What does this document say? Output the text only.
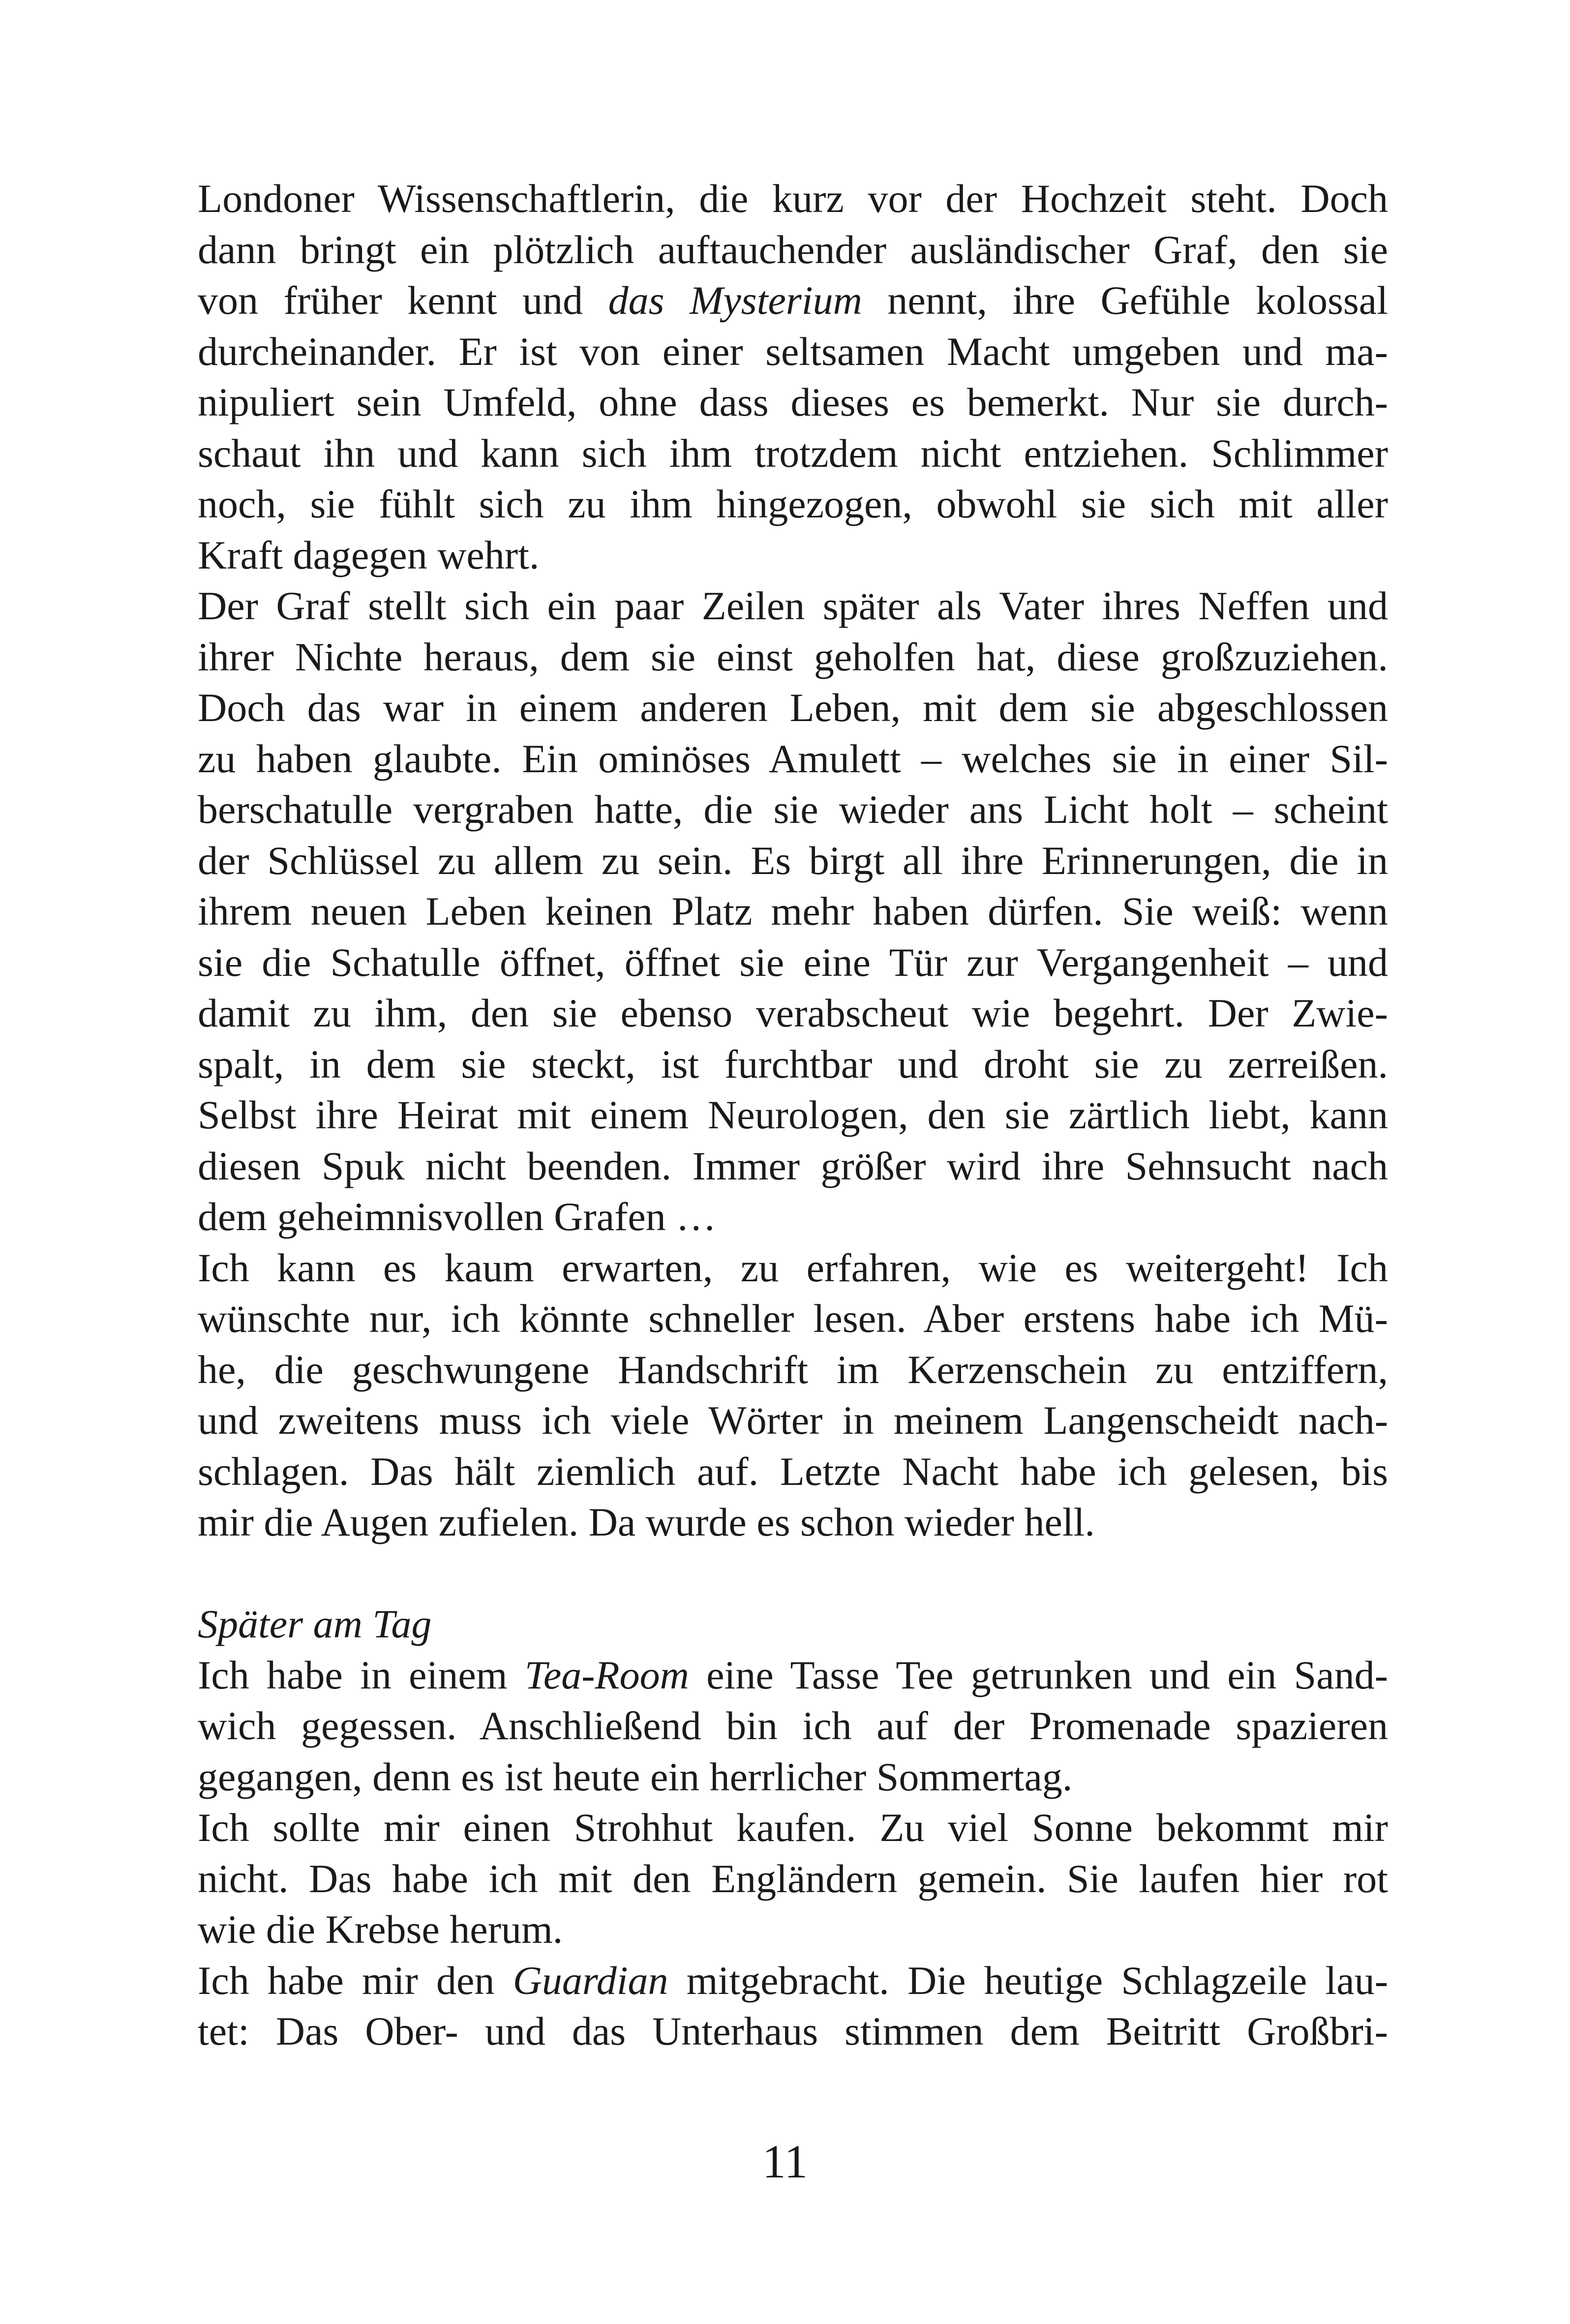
Londoner Wissenschaftlerin, die kurz vor der Hochzeit steht. Doch
dann bringt ein plötzlich auftauchender ausländischer Graf, den sie
von früher kennt und das Mysterium nennt, ihre Gefühle kolossal
durcheinander. Er ist von einer seltsamen Macht umgeben und ma-
nipuliert sein Umfeld, ohne dass dieses es bemerkt. Nur sie durch-
schaut ihn und kann sich ihm trotzdem nicht entziehen. Schlimmer
noch, sie fühlt sich zu ihm hingezogen, obwohl sie sich mit aller
Kraft dagegen wehrt.
Der Graf stellt sich ein paar Zeilen später als Vater ihres Neffen und
ihrer Nichte heraus, dem sie einst geholfen hat, diese großzuziehen.
Doch das war in einem anderen Leben, mit dem sie abgeschlossen
zu haben glaubte. Ein ominöses Amulett – welches sie in einer Sil-
berschatulle vergraben hatte, die sie wieder ans Licht holt – scheint
der Schlüssel zu allem zu sein. Es birgt all ihre Erinnerungen, die in
ihrem neuen Leben keinen Platz mehr haben dürfen. Sie weiß: wenn
sie die Schatulle öffnet, öffnet sie eine Tür zur Vergangenheit – und
damit zu ihm, den sie ebenso verabscheut wie begehrt. Der Zwie-
spalt, in dem sie steckt, ist furchtbar und droht sie zu zerreißen.
Selbst ihre Heirat mit einem Neurologen, den sie zärtlich liebt, kann
diesen Spuk nicht beenden. Immer größer wird ihre Sehnsucht nach
dem geheimnisvollen Grafen …
Ich kann es kaum erwarten, zu erfahren, wie es weitergeht! Ich
wünschte nur, ich könnte schneller lesen. Aber erstens habe ich Mü-
he, die geschwungene Handschrift im Kerzenschein zu entziffern,
und zweitens muss ich viele Wörter in meinem Langenscheidt nach-
schlagen. Das hält ziemlich auf. Letzte Nacht habe ich gelesen, bis
mir die Augen zufielen. Da wurde es schon wieder hell.
Später am Tag
Ich habe in einem Tea-Room eine Tasse Tee getrunken und ein Sand-
wich gegessen. Anschließend bin ich auf der Promenade spazieren
gegangen, denn es ist heute ein herrlicher Sommertag.
Ich sollte mir einen Strohhut kaufen. Zu viel Sonne bekommt mir
nicht. Das habe ich mit den Engländern gemein. Sie laufen hier rot
wie die Krebse herum.
Ich habe mir den Guardian mitgebracht. Die heutige Schlagzeile lau-
tet: Das Ober- und das Unterhaus stimmen dem Beitritt Großbri-
11
